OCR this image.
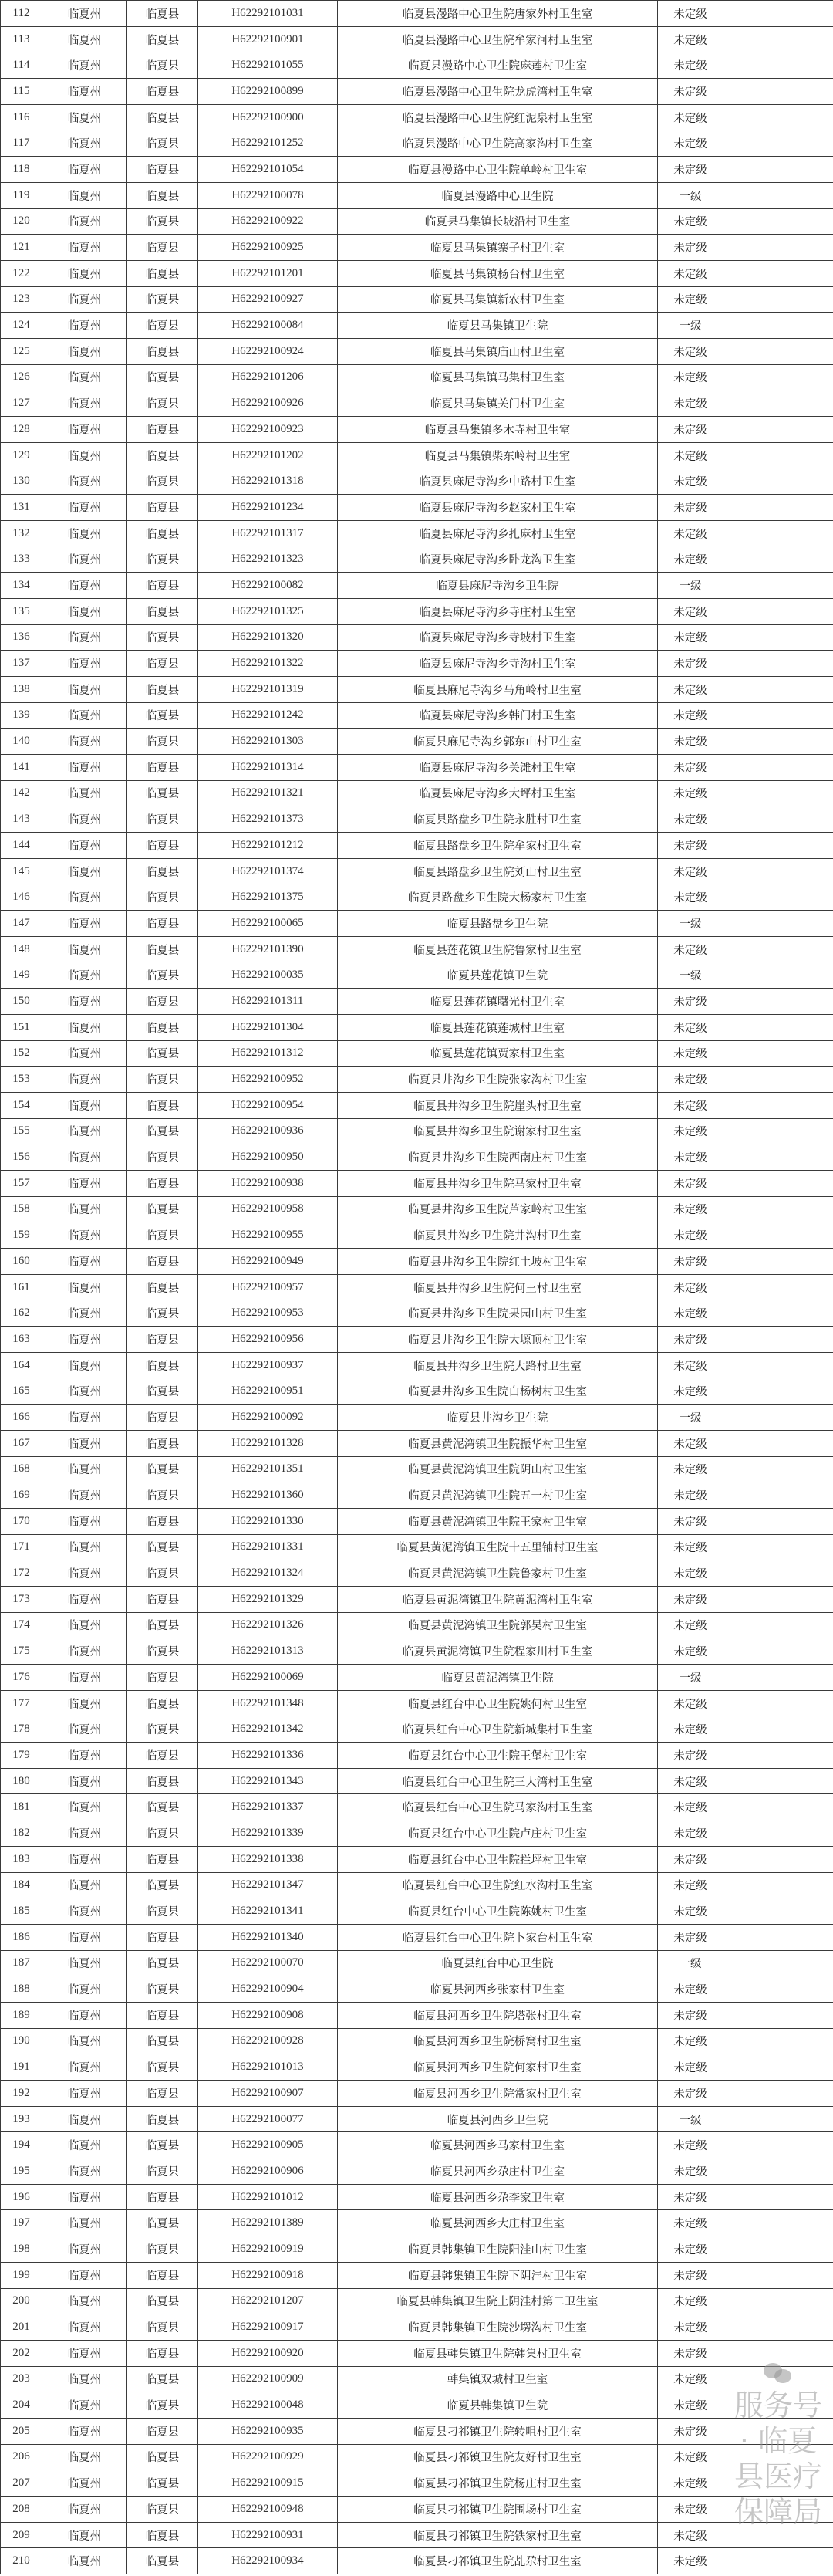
112	临夏州	临夏县	H62292101031	临夏县漫路中心卫生院唐家外村卫生室	未定级	
113	临夏州	临夏县	H62292100901	临夏县漫路中心卫生院牟家河村卫生室	未定级	
114	临夏州	临夏县	H62292101055	临夏县漫路中心卫生院麻莲村卫生室	未定级	
115	临夏州	临夏县	H62292100899	临夏县漫路中心卫生院龙虎湾村卫生室	未定级	
116	临夏州	临夏县	H62292100900	临夏县漫路中心卫生院红泥泉村卫生室	未定级	
117	临夏州	临夏县	H62292101252	临夏县漫路中心卫生院高家沟村卫生室	未定级	
118	临夏州	临夏县	H62292101054	临夏县漫路中心卫生院单岭村卫生室	未定级	
119	临夏州	临夏县	H62292100078	临夏县漫路中心卫生院	一级	
120	临夏州	临夏县	H62292100922	临夏县马集镇长坡沿村卫生室	未定级	
121	临夏州	临夏县	H62292100925	临夏县马集镇寨子村卫生室	未定级	
122	临夏州	临夏县	H62292101201	临夏县马集镇杨台村卫生室	未定级	
123	临夏州	临夏县	H62292100927	临夏县马集镇新农村卫生室	未定级	
124	临夏州	临夏县	H62292100084	临夏县马集镇卫生院	一级	
125	临夏州	临夏县	H62292100924	临夏县马集镇庙山村卫生室	未定级	
126	临夏州	临夏县	H62292101206	临夏县马集镇马集村卫生室	未定级	
127	临夏州	临夏县	H62292100926	临夏县马集镇关门村卫生室	未定级	
128	临夏州	临夏县	H62292100923	临夏县马集镇多木寺村卫生室	未定级	
129	临夏州	临夏县	H62292101202	临夏县马集镇柴东岭村卫生室	未定级	
130	临夏州	临夏县	H62292101318	临夏县麻尼寺沟乡中路村卫生室	未定级	
131	临夏州	临夏县	H62292101234	临夏县麻尼寺沟乡赵家村卫生室	未定级	
132	临夏州	临夏县	H62292101317	临夏县麻尼寺沟乡扎麻村卫生室	未定级	
133	临夏州	临夏县	H62292101323	临夏县麻尼寺沟乡卧龙沟卫生室	未定级	
134	临夏州	临夏县	H62292100082	临夏县麻尼寺沟乡卫生院	一级	
135	临夏州	临夏县	H62292101325	临夏县麻尼寺沟乡寺庄村卫生室	未定级	
136	临夏州	临夏县	H62292101320	临夏县麻尼寺沟乡寺坡村卫生室	未定级	
137	临夏州	临夏县	H62292101322	临夏县麻尼寺沟乡寺沟村卫生室	未定级	
138	临夏州	临夏县	H62292101319	临夏县麻尼寺沟乡马角岭村卫生室	未定级	
139	临夏州	临夏县	H62292101242	临夏县麻尼寺沟乡韩门村卫生室	未定级	
140	临夏州	临夏县	H62292101303	临夏县麻尼寺沟乡郭东山村卫生室	未定级	
141	临夏州	临夏县	H62292101314	临夏县麻尼寺沟乡关滩村卫生室	未定级	
142	临夏州	临夏县	H62292101321	临夏县麻尼寺沟乡大坪村卫生室	未定级	
143	临夏州	临夏县	H62292101373	临夏县路盘乡卫生院永胜村卫生室	未定级	
144	临夏州	临夏县	H62292101212	临夏县路盘乡卫生院牟家村卫生室	未定级	
145	临夏州	临夏县	H62292101374	临夏县路盘乡卫生院刘山村卫生室	未定级	
146	临夏州	临夏县	H62292101375	临夏县路盘乡卫生院大杨家村卫生室	未定级	
147	临夏州	临夏县	H62292100065	临夏县路盘乡卫生院	一级	
148	临夏州	临夏县	H62292101390	临夏县莲花镇卫生院鲁家村卫生室	未定级	
149	临夏州	临夏县	H62292100035	临夏县莲花镇卫生院	一级	
150	临夏州	临夏县	H62292101311	临夏县莲花镇曙光村卫生室	未定级	
151	临夏州	临夏县	H62292101304	临夏县莲花镇莲城村卫生室	未定级	
152	临夏州	临夏县	H62292101312	临夏县莲花镇贾家村卫生室	未定级	
153	临夏州	临夏县	H62292100952	临夏县井沟乡卫生院张家沟村卫生室	未定级	
154	临夏州	临夏县	H62292100954	临夏县井沟乡卫生院崖头村卫生室	未定级	
155	临夏州	临夏县	H62292100936	临夏县井沟乡卫生院谢家村卫生室	未定级	
156	临夏州	临夏县	H62292100950	临夏县井沟乡卫生院西南庄村卫生室	未定级	
157	临夏州	临夏县	H62292100938	临夏县井沟乡卫生院马家村卫生室	未定级	
158	临夏州	临夏县	H62292100958	临夏县井沟乡卫生院芦家岭村卫生室	未定级	
159	临夏州	临夏县	H62292100955	临夏县井沟乡卫生院井沟村卫生室	未定级	
160	临夏州	临夏县	H62292100949	临夏县井沟乡卫生院红土坡村卫生室	未定级	
161	临夏州	临夏县	H62292100957	临夏县井沟乡卫生院何王村卫生室	未定级	
162	临夏州	临夏县	H62292100953	临夏县井沟乡卫生院果园山村卫生室	未定级	
163	临夏州	临夏县	H62292100956	临夏县井沟乡卫生院大塬顶村卫生室	未定级	
164	临夏州	临夏县	H62292100937	临夏县井沟乡卫生院大路村卫生室	未定级	
165	临夏州	临夏县	H62292100951	临夏县井沟乡卫生院白杨树村卫生室	未定级	
166	临夏州	临夏县	H62292100092	临夏县井沟乡卫生院	一级	
167	临夏州	临夏县	H62292101328	临夏县黄泥湾镇卫生院振华村卫生室	未定级	
168	临夏州	临夏县	H62292101351	临夏县黄泥湾镇卫生院阴山村卫生室	未定级	
169	临夏州	临夏县	H62292101360	临夏县黄泥湾镇卫生院五一村卫生室	未定级	
170	临夏州	临夏县	H62292101330	临夏县黄泥湾镇卫生院王家村卫生室	未定级	
171	临夏州	临夏县	H62292101331	临夏县黄泥湾镇卫生院十五里铺村卫生室	未定级	
172	临夏州	临夏县	H62292101324	临夏县黄泥湾镇卫生院鲁家村卫生室	未定级	
173	临夏州	临夏县	H62292101329	临夏县黄泥湾镇卫生院黄泥湾村卫生室	未定级	
174	临夏州	临夏县	H62292101326	临夏县黄泥湾镇卫生院郭吴村卫生室	未定级	
175	临夏州	临夏县	H62292101313	临夏县黄泥湾镇卫生院程家川村卫生室	未定级	
176	临夏州	临夏县	H62292100069	临夏县黄泥湾镇卫生院	一级	
177	临夏州	临夏县	H62292101348	临夏县红台中心卫生院姚何村卫生室	未定级	
178	临夏州	临夏县	H62292101342	临夏县红台中心卫生院新城集村卫生室	未定级	
179	临夏州	临夏县	H62292101336	临夏县红台中心卫生院王堡村卫生室	未定级	
180	临夏州	临夏县	H62292101343	临夏县红台中心卫生院三大湾村卫生室	未定级	
181	临夏州	临夏县	H62292101337	临夏县红台中心卫生院马家沟村卫生室	未定级	
182	临夏州	临夏县	H62292101339	临夏县红台中心卫生院卢庄村卫生室	未定级	
183	临夏州	临夏县	H62292101338	临夏县红台中心卫生院拦坪村卫生室	未定级	
184	临夏州	临夏县	H62292101347	临夏县红台中心卫生院红水沟村卫生室	未定级	
185	临夏州	临夏县	H62292101341	临夏县红台中心卫生院陈姚村卫生室	未定级	
186	临夏州	临夏县	H62292101340	临夏县红台中心卫生院卜家台村卫生室	未定级	
187	临夏州	临夏县	H62292100070	临夏县红台中心卫生院	一级	
188	临夏州	临夏县	H62292100904	临夏县河西乡张家村卫生室	未定级	
189	临夏州	临夏县	H62292100908	临夏县河西乡卫生院塔张村卫生室	未定级	
190	临夏州	临夏县	H62292100928	临夏县河西乡卫生院桥窝村卫生室	未定级	
191	临夏州	临夏县	H62292101013	临夏县河西乡卫生院何家村卫生室	未定级	
192	临夏州	临夏县	H62292100907	临夏县河西乡卫生院常家村卫生室	未定级	
193	临夏州	临夏县	H62292100077	临夏县河西乡卫生院	一级	
194	临夏州	临夏县	H62292100905	临夏县河西乡马家村卫生室	未定级	
195	临夏州	临夏县	H62292100906	临夏县河西乡尕庄村卫生室	未定级	
196	临夏州	临夏县	H62292101012	临夏县河西乡尕李家卫生室	未定级	
197	临夏州	临夏县	H62292101389	临夏县河西乡大庄村卫生室	未定级	
198	临夏州	临夏县	H62292100919	临夏县韩集镇卫生院阳洼山村卫生室	未定级	
199	临夏州	临夏县	H62292100918	临夏县韩集镇卫生院下阴洼村卫生室	未定级	
200	临夏州	临夏县	H62292101207	临夏县韩集镇卫生院上阴洼村第二卫生室	未定级	
201	临夏州	临夏县	H62292100917	临夏县韩集镇卫生院沙塄沟村卫生室	未定级	
202	临夏州	临夏县	H62292100920	临夏县韩集镇卫生院韩集村卫生室	未定级	
203	临夏州	临夏县	H62292100909	韩集镇双城村卫生室	未定级	
204	临夏州	临夏县	H62292100048	临夏县韩集镇卫生院	未定级	
205	临夏州	临夏县	H62292100935	临夏县刁祁镇卫生院转咀村卫生室	未定级	
206	临夏州	临夏县	H62292100929	临夏县刁祁镇卫生院友好村卫生室	未定级	
207	临夏州	临夏县	H62292100915	临夏县刁祁镇卫生院杨庄村卫生室	未定级	
208	临夏州	临夏县	H62292100948	临夏县刁祁镇卫生院围场村卫生室	未定级	
209	临夏州	临夏县	H62292100931	临夏县刁祁镇卫生院铁家村卫生室	未定级	
210	临夏州	临夏县	H62292100934	临夏县刁祁镇卫生院乩尕村卫生室	未定级	
服务号 · 临夏县医疗保障局
